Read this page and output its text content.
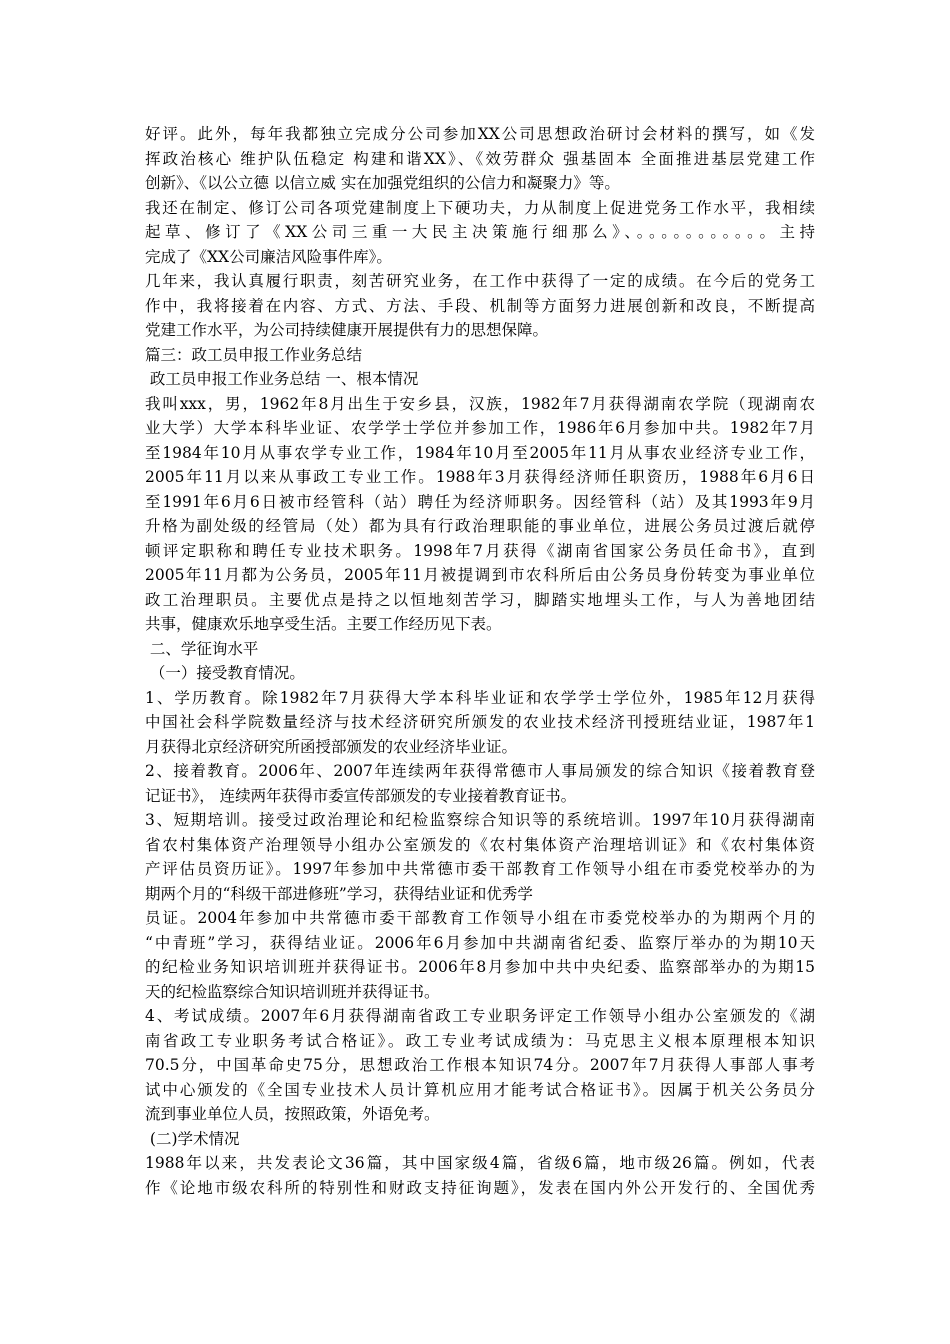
好评。此外，每年我都独立完成分公司参加XX公司思想政治研讨会材料的撰写，如《发
挥政治核心 维护队伍稳定 构建和谐XX》、《效劳群众 强基固本 全面推进基层党建工作
创新》、《以公立德 以信立威 实在加强党组织的公信力和凝聚力》等。
我还在制定、修订公司各项党建制度上下硬功夫，力从制度上促进党务工作水平，我相续
起草、修订了《XX公司三重一大民主决策施行细那么》、。。。。。。。。。。。主持
完成了《XX公司廉洁风险事件库》。
几年来，我认真履行职责，刻苦研究业务，在工作中获得了一定的成绩。在今后的党务工
作中，我将接着在内容、方式、方法、手段、机制等方面努力进展创新和改良，不断提高
党建工作水平，为公司持续健康开展提供有力的思想保障。
篇三：政工员申报工作业务总结
政工员申报工作业务总结 一、根本情况
我叫xxx，男，1962年8月出生于安乡县，汉族，1982年7月获得湖南农学院（现湖南农
业大学）大学本科毕业证、农学学士学位并参加工作，1986年6月参加中共。1982年7月
至1984年10月从事农学专业工作，1984年10月至2005年11月从事农业经济专业工作，
2005年11月以来从事政工专业工作。1988年3月获得经济师任职资历，1988年6月6日
至1991年6月6日被市经管科（站）聘任为经济师职务。因经管科（站）及其1993年9月
升格为副处级的经管局（处）都为具有行政治理职能的事业单位，进展公务员过渡后就停
顿评定职称和聘任专业技术职务。1998年7月获得《湖南省国家公务员任命书》，直到
2005年11月都为公务员，2005年11月被提调到市农科所后由公务员身份转变为事业单位
政工治理职员。主要优点是持之以恒地刻苦学习，脚踏实地埋头工作，与人为善地团结
共事，健康欢乐地享受生活。主要工作经历见下表。
二、学征询水平
（一）接受教育情况。
1、学历教育。除1982年7月获得大学本科毕业证和农学学士学位外，1985年12月获得
中国社会科学院数量经济与技术经济研究所颁发的农业技术经济刊授班结业证，1987年1
月获得北京经济研究所函授部颁发的农业经济毕业证。
2、接着教育。2006年、2007年连续两年获得常德市人事局颁发的综合知识《接着教育登
记证书》， 连续两年获得市委宣传部颁发的专业接着教育证书。
3、短期培训。接受过政治理论和纪检监察综合知识等的系统培训。1997年10月获得湖南
省农村集体资产治理领导小组办公室颁发的《农村集体资产治理培训证》和《农村集体资
产评估员资历证》。1997年参加中共常德市委干部教育工作领导小组在市委党校举办的为
期两个月的“科级干部进修班”学习，获得结业证和优秀学
员证。2004年参加中共常德市委干部教育工作领导小组在市委党校举办的为期两个月的
“中青班”学习，获得结业证。2006年6月参加中共湖南省纪委、监察厅举办的为期10天
的纪检业务知识培训班并获得证书。2006年8月参加中共中央纪委、监察部举办的为期15
天的纪检监察综合知识培训班并获得证书。
4、考试成绩。2007年6月获得湖南省政工专业职务评定工作领导小组办公室颁发的《湖
南省政工专业职务考试合格证》。政工专业考试成绩为：马克思主义根本原理根本知识
70.5分，中国革命史75分，思想政治工作根本知识74分。2007年7月获得人事部人事考
试中心颁发的《全国专业技术人员计算机应用才能考试合格证书》。因属于机关公务员分
流到事业单位人员，按照政策，外语免考。
(二)学术情况
1988年以来，共发表论文36篇，其中国家级4篇，省级6篇，地市级26篇。例如，代表
作《论地市级农科所的特别性和财政支持征询题》，发表在国内外公开发行的、全国优秀
